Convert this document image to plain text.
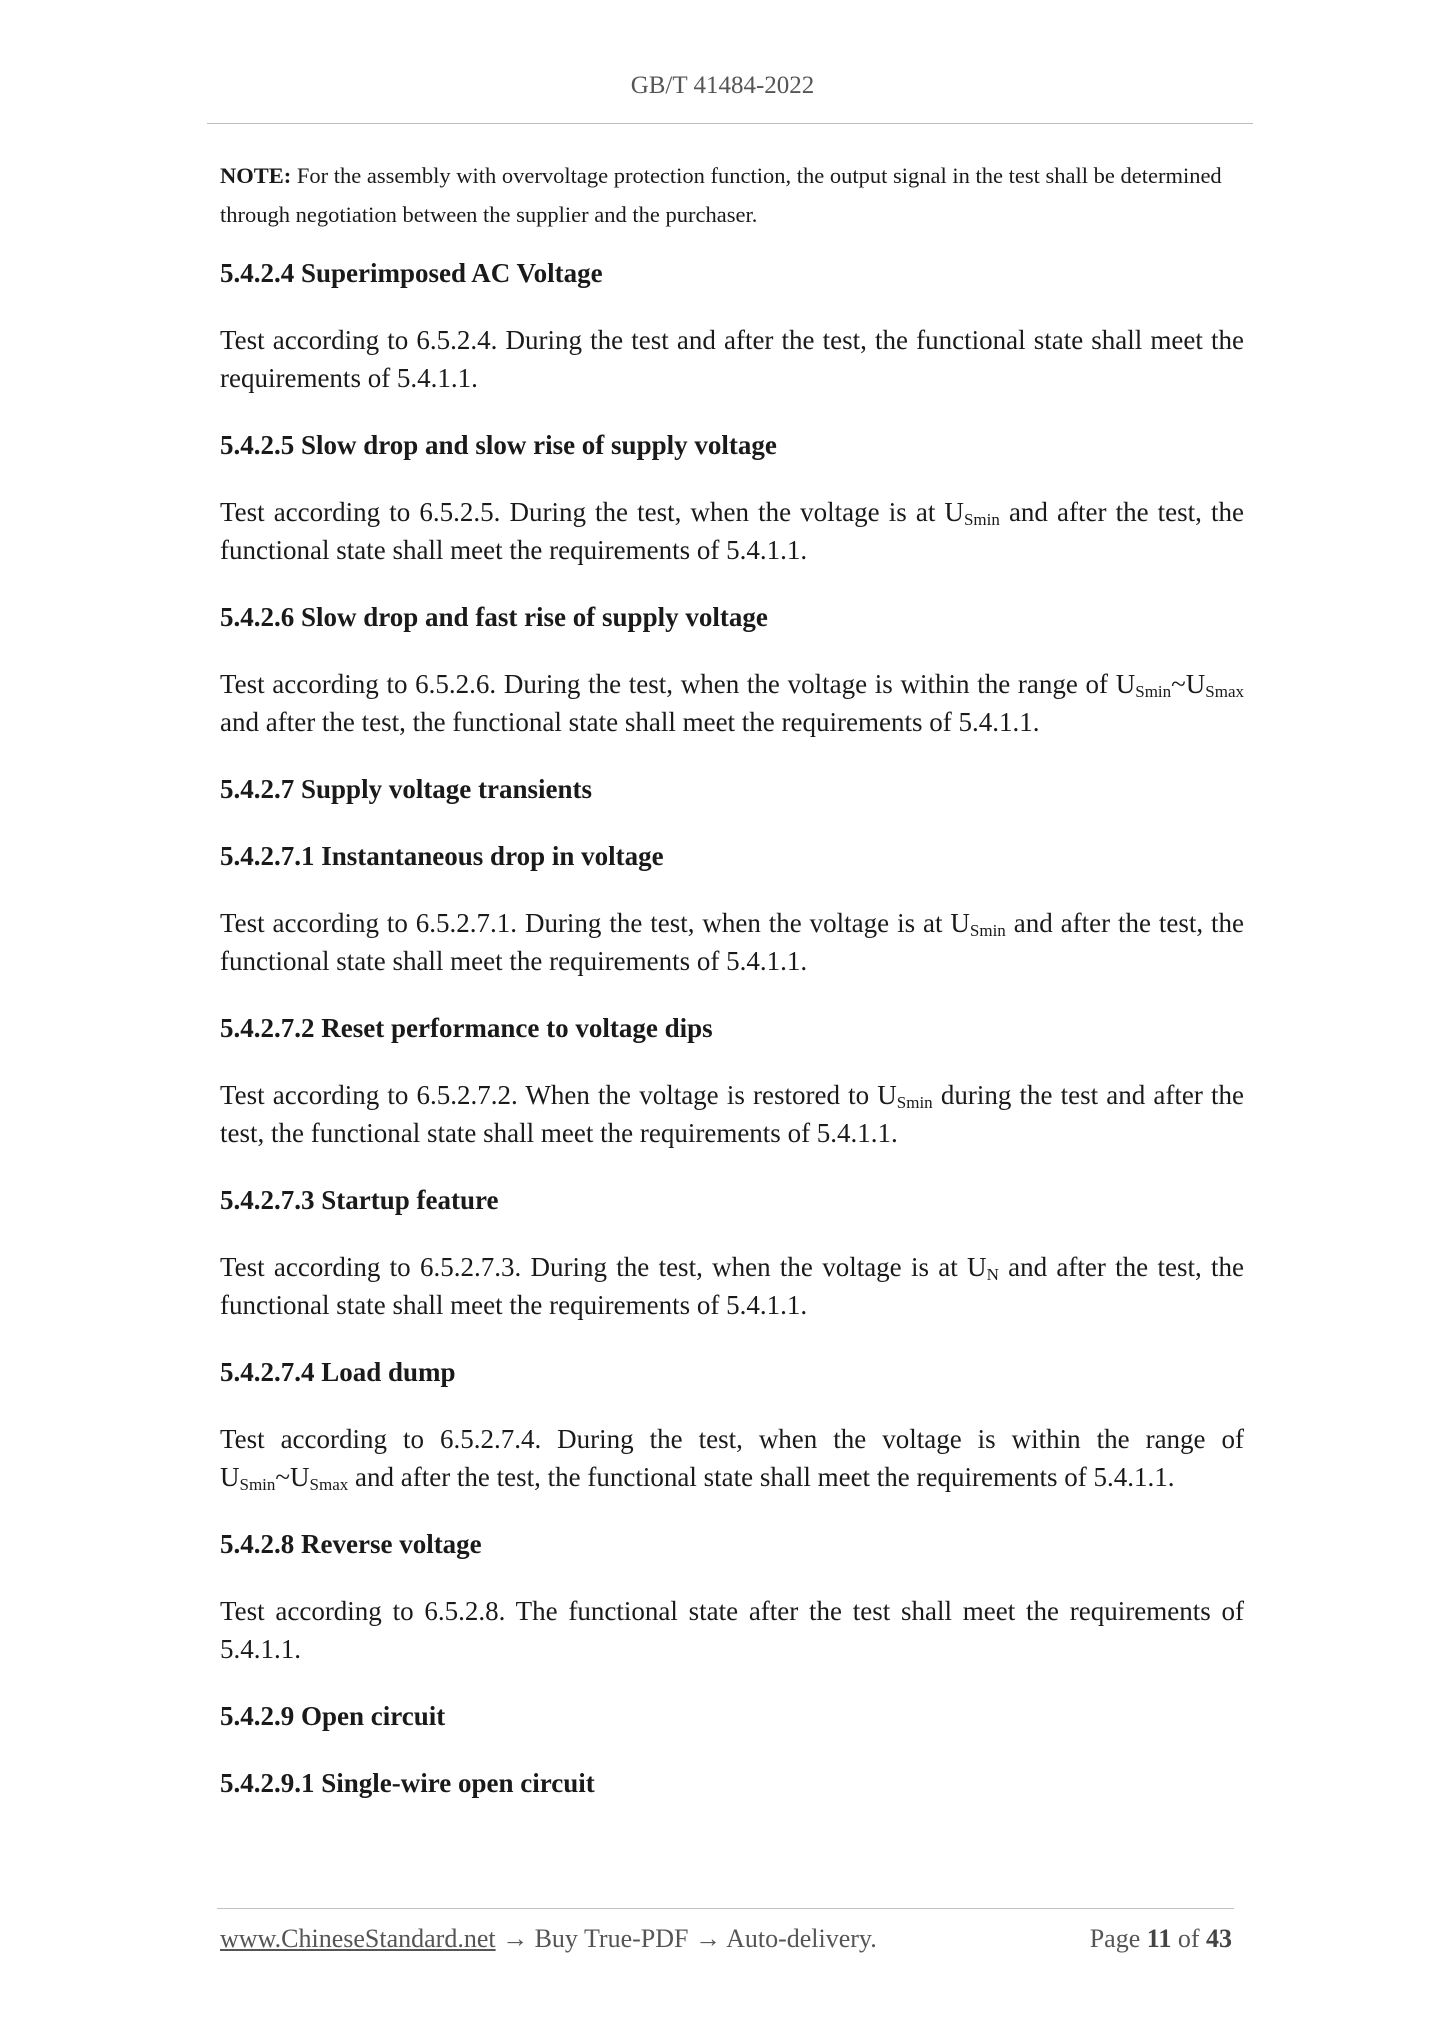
GB/T 41484-2022

NOTE: For the assembly with overvoltage protection function, the output signal in the test shall be determined through negotiation between the supplier and the purchaser.

5.4.2.4 Superimposed AC Voltage

Test according to 6.5.2.4. During the test and after the test, the functional state shall meet the requirements of 5.4.1.1.

5.4.2.5 Slow drop and slow rise of supply voltage

Test according to 6.5.2.5. During the test, when the voltage is at $U_{Smin}$ and after the test, the functional state shall meet the requirements of 5.4.1.1.

5.4.2.6 Slow drop and fast rise of supply voltage

Test according to 6.5.2.6. During the test, when the voltage is within the range of $U_{Smin}\sim U_{Smax}$ and after the test, the functional state shall meet the requirements of 5.4.1.1.

5.4.2.7 Supply voltage transients

5.4.2.7.1 Instantaneous drop in voltage

Test according to 6.5.2.7.1. During the test, when the voltage is at $U_{Smin}$ and after the test, the functional state shall meet the requirements of 5.4.1.1.

5.4.2.7.2 Reset performance to voltage dips

Test according to 6.5.2.7.2. When the voltage is restored to $U_{Smin}$ during the test and after the test, the functional state shall meet the requirements of 5.4.1.1.

5.4.2.7.3 Startup feature

Test according to 6.5.2.7.3. During the test, when the voltage is at $U_N$ and after the test, the functional state shall meet the requirements of 5.4.1.1.

5.4.2.7.4 Load dump

Test according to 6.5.2.7.4. During the test, when the voltage is within the range of $U_{Smin}\sim U_{Smax}$ and after the test, the functional state shall meet the requirements of 5.4.1.1.

5.4.2.8 Reverse voltage

Test according to 6.5.2.8. The functional state after the test shall meet the requirements of 5.4.1.1.

5.4.2.9 Open circuit

5.4.2.9.1 Single-wire open circuit

www.ChineseStandard.net → Buy True-PDF → Auto-delivery.	Page 11 of 43
